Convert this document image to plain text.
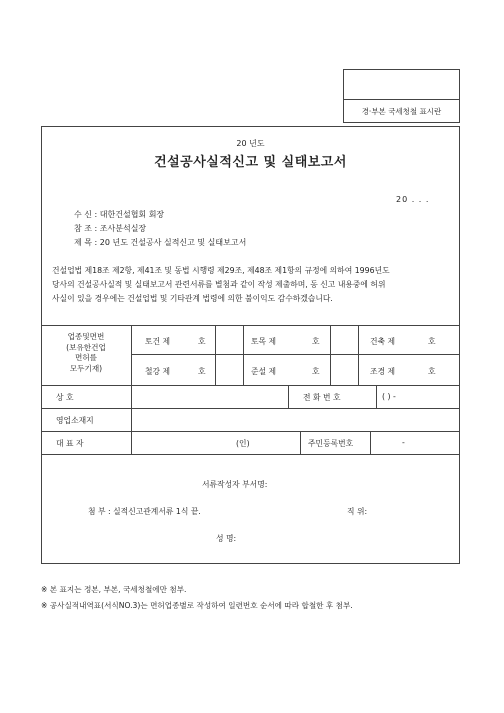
경·부본 국세청철 표시란
20 년도
건설공사실적신고 및 실태보고서
20 . . .
수 신 : 대한건설협회 회장
참 조 : 조사분석실장
제 목 : 20 년도 건설공사 실적신고 및 실태보고서
건설업법 제18조 제2항, 제41조 및 동법 시행령 제29조, 제48조 제1항의 규정에 의하여 1996년도
당사의 건설공사실적 및 실태보고서 관련서류를 별첨과 같이 작성 제출하며, 동 신고 내용중에 허위
사실이 있을 경우에는 건설업법 및 기타관계 법령에 의한 불이익도 감수하겠습니다.
업종및면번
(보유한건업
면허를
모두기재)
토건 제	호	토목 제	호	건축 제	호
철강 제	호	준설 제	호	조경 제	호
상 호	전 화 번 호	( ) -
영업소재지
대 표 자	(인)	주민등록번호	-
서류작성자 부서명:
첨 부 : 실적신고관계서류 1식 끝.	직 위:
성 명:
※ 본 표지는 정본, 부본, 국세청철에만 첨부.
※ 공사실적내역표(서식NO.3)는 면허업종별로 작성하여 일련번호 순서에 따라 합철한 후 첨부.
